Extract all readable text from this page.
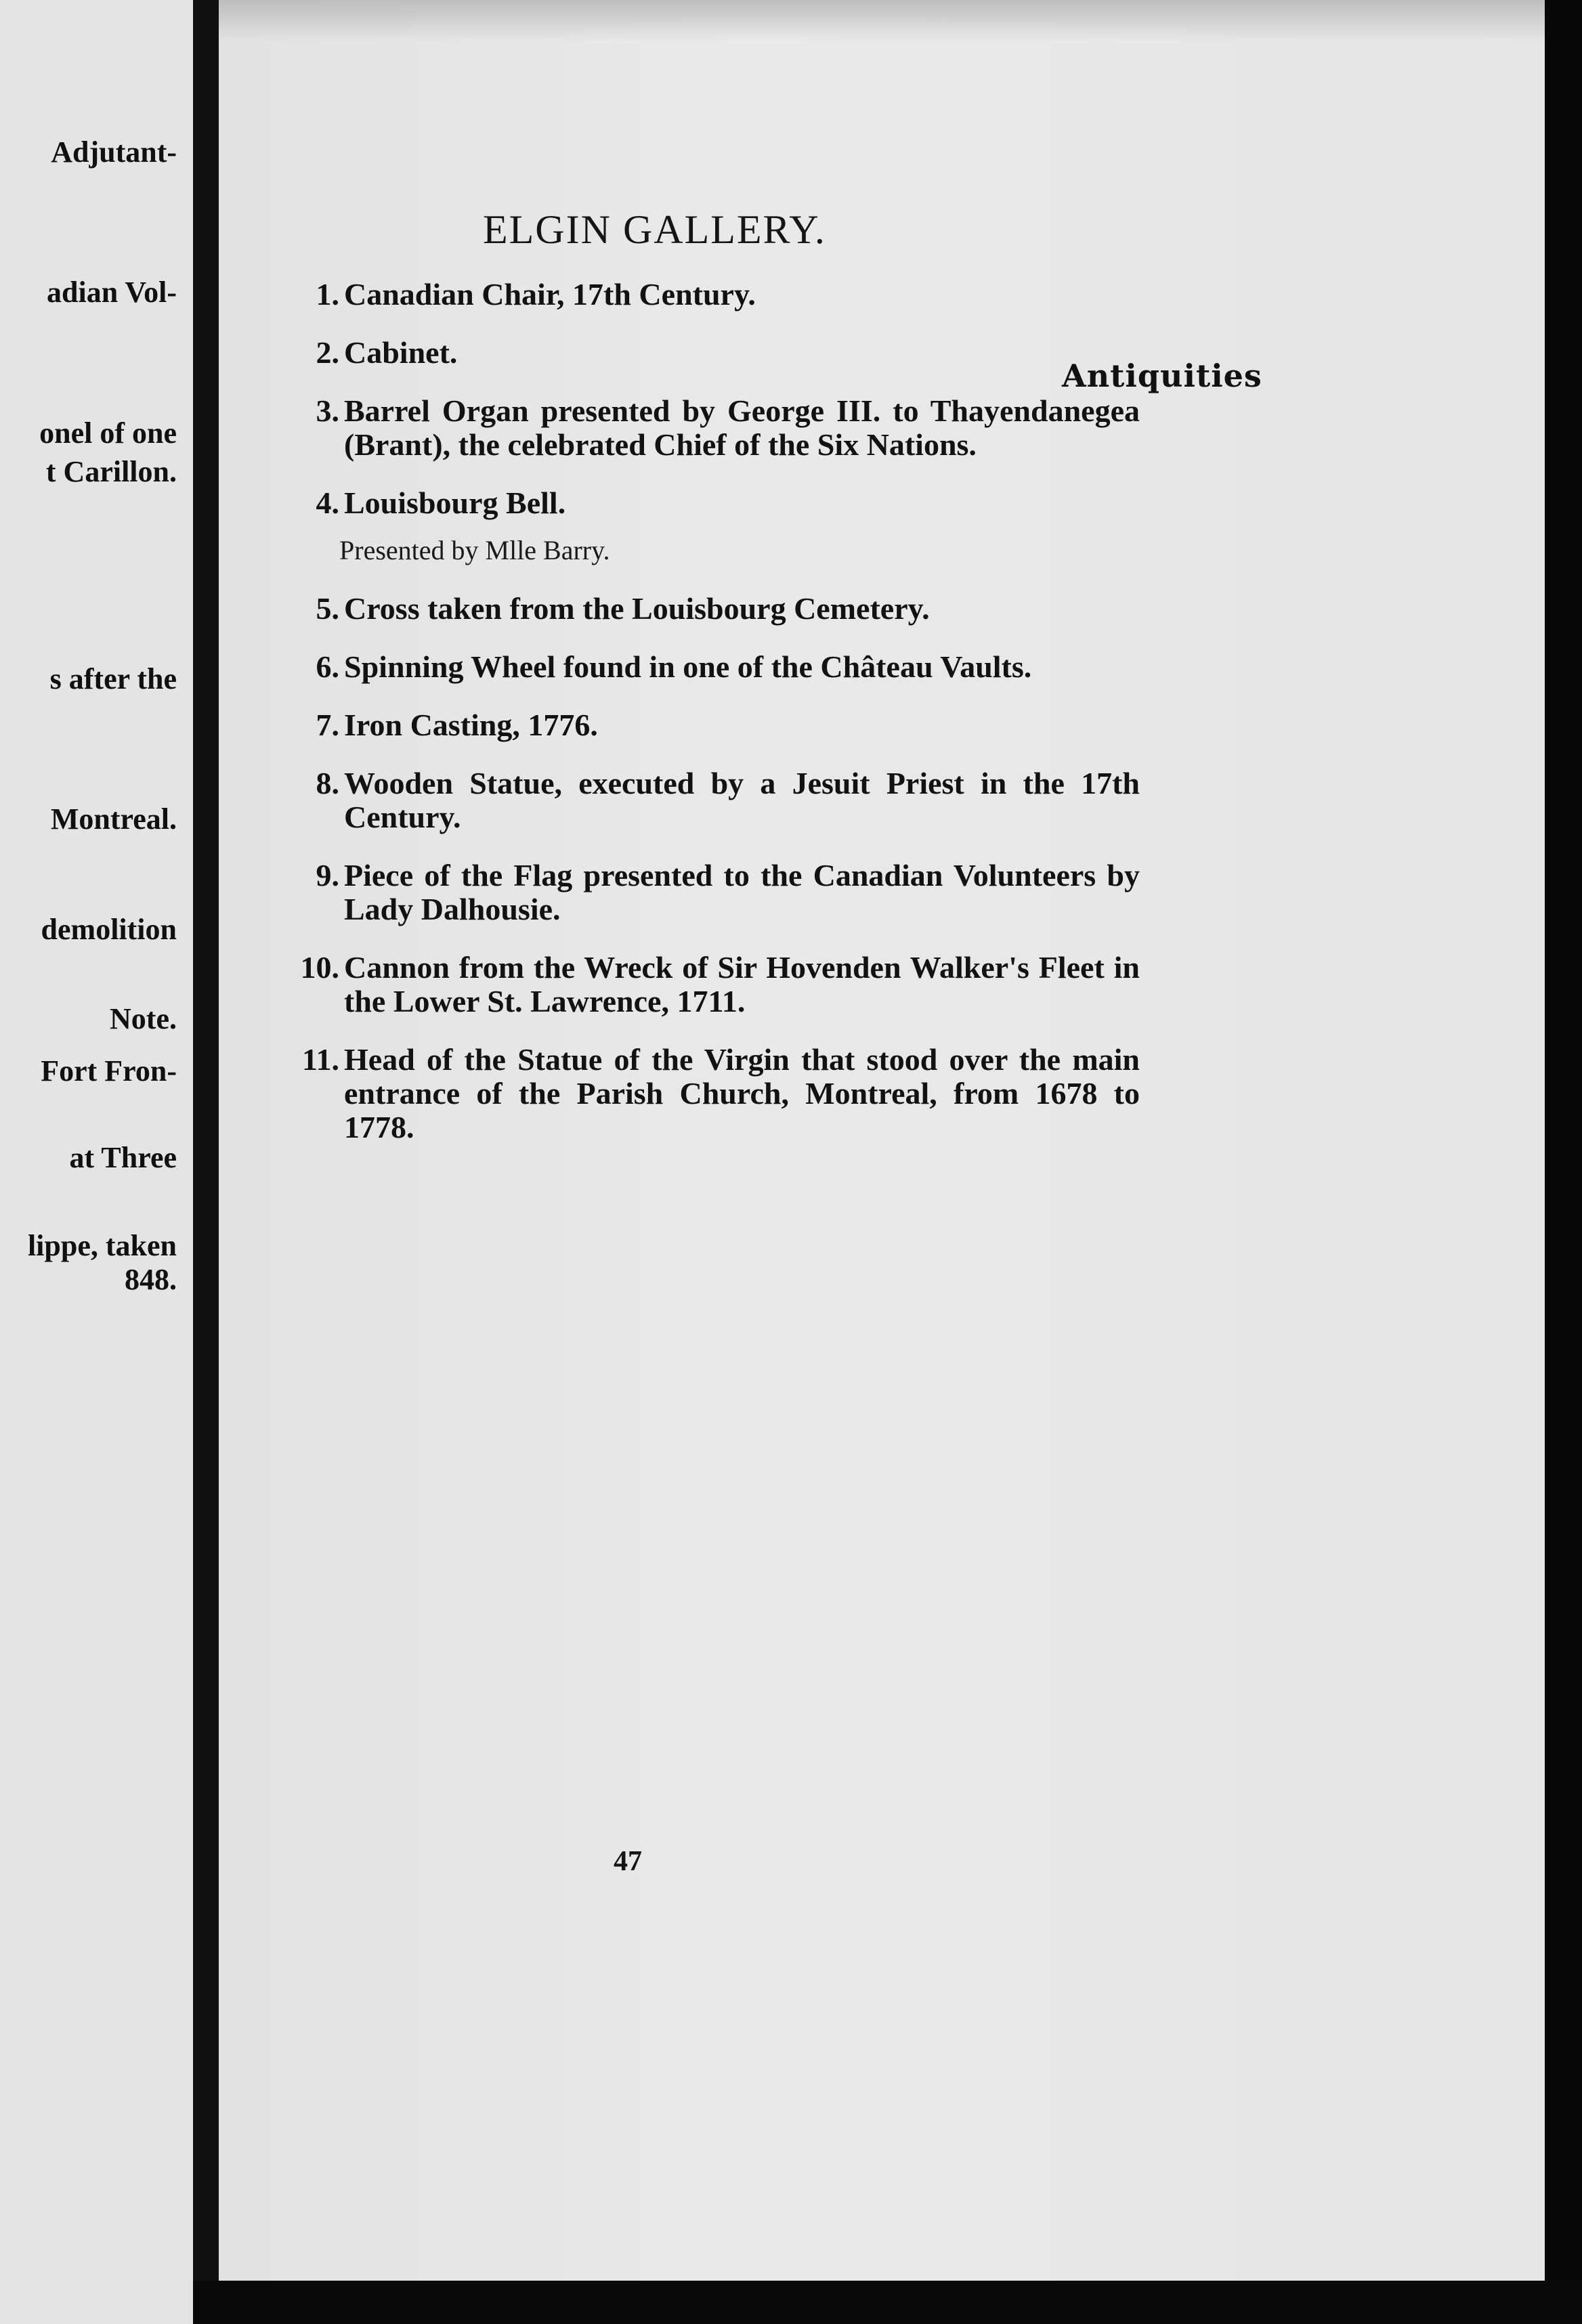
Adjutant-
adian Vol-
onel of one
t Carillon.
s after the
Montreal.
demolition
Note.
Fort Fron-
at Three
lippe, taken
848.
ELGIN GALLERY.
Antiquities
1. Canadian Chair, 17th Century.
2. Cabinet.
3. Barrel Organ presented by George III. to Thayendanegea (Brant), the celebrated Chief of the Six Nations.
4. Louisbourg Bell.
Presented by Mlle Barry.
5. Cross taken from the Louisbourg Cemetery.
6. Spinning Wheel found in one of the Château Vaults.
7. Iron Casting, 1776.
8. Wooden Statue, executed by a Jesuit Priest in the 17th Century.
9. Piece of the Flag presented to the Canadian Volunteers by Lady Dalhousie.
10. Cannon from the Wreck of Sir Hovenden Walker's Fleet in the Lower St. Lawrence, 1711.
11. Head of the Statue of the Virgin that stood over the main entrance of the Parish Church, Montreal, from 1678 to 1778.
47
